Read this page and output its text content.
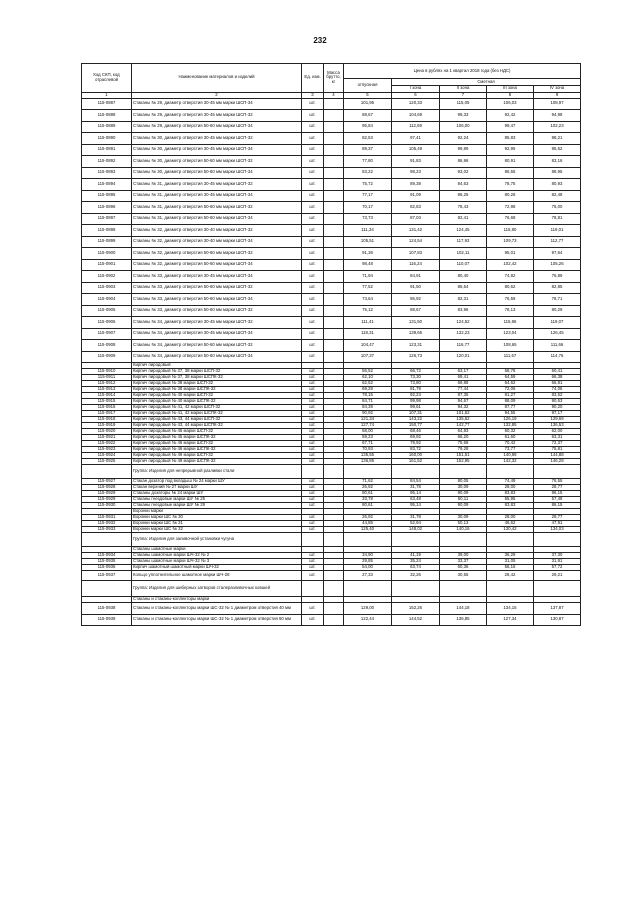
232
Код СКП, код отраслевой	Наименование материалов и изделий	Ед. изм.	Масса брутто, кг	Цена в рублях на 1 квартал 2018 года (без НДС)				
				отпускная	Сметная			
					I зона	II зона	III зона	IV зона
1	2	3	4	5	6	7	8	9
115-0887	Стаканы № 29, диаметр отверстия 30-45 мм марки ШСП-34	шт.		101,95	120,33	115,05	106,03	108,97
115-0888	Стаканы № 29, диаметр отверстия 30-45 мм марки ШСП-32	шт.		88,67	104,69	99,33	92,42	94,98
115-0889	Стаканы № 29, диаметр отверстия 50-60 мм марки ШСП-34	шт.		95,84	112,69	106,00	99,47	102,23
115-0890	Стаканы № 30, диаметр отверстия 30-45 мм марки ШСП-32	шт.		82,53	97,41	92,24	85,83	88,21
115-0891	Стаканы № 30, диаметр отверстия 30-45 мм марки ШСП-34	шт.		89,37	105,49	99,89	92,95	95,52
115-0892	Стаканы № 30, диаметр отверстия 50-60 мм марки ШСП-32	шт.		77,80	91,83	86,96	80,91	83,16
115-0893	Стаканы № 30, диаметр отверстия 50-60 мм марки ШСП-34	шт.		83,22	98,23	93,02	86,55	88,95
115-0894	Стаканы № 31, диаметр отверстия 30-45 мм марки ШСП-32	шт.		75,72	89,38	84,63	78,75	80,93
115-0895	Стаканы № 31, диаметр отверстия 30-45 мм марки ШСП-34	шт.		77,17	91,09	86,25	80,26	82,48
115-0896	Стаканы № 31, диаметр отверстия 50-60 мм марки ШСП-32	шт.		70,17	82,83	78,43	72,98	75,00
115-0897	Стаканы № 31, диаметр отверстия 50-60 мм марки ШСП-34	шт.		73,73	87,03	82,41	76,68	78,81
115-0898	Стаканы № 32, диаметр отверстия 30-40 мм марки ШСП-32	шт.		111,34	131,42	124,45	115,80	119,01
115-0899	Стаканы № 32, диаметр отверстия 30-40 мм марки ШСП-34	шт.		105,51	124,54	117,93	109,73	112,77
115-0900	Стаканы № 32, диаметр отверстия 50-60 мм марки ШСП-32	шт.		91,36	107,83	102,11	95,01	97,64
115-0901	Стаканы № 32, диаметр отверстия 50-60 мм марки ШСП-34	шт.		98,48	116,24	110,07	102,42	105,26
115-0902	Стаканы № 33, диаметр отверстия 30-45 мм марки ШСП-34	шт.		71,94	84,91	80,40	74,82	76,89
115-0903	Стаканы № 33, диаметр отверстия 50-60 мм марки ШСП-32	шт.		77,52	91,50	86,64	80,62	82,85
115-0904	Стаканы № 33, диаметр отверстия 50-60 мм марки ШСП-34	шт.		73,64	86,92	82,31	76,59	78,71
115-0905	Стаканы № 33, диаметр отверстия 50-60 мм марки ШСП-32	шт.		75,12	88,67	83,96	78,13	80,29
115-0906	Стаканы № 34, диаметр отверстия 30-45 мм марки ШСП-32	шт.		111,41	131,50	124,52	115,86	119,07
115-0907	Стаканы № 34, диаметр отверстия 30-45 мм марки ШСП-34	шт.		118,31	139,65	132,23	123,04	126,45
115-0908	Стаканы № 34, диаметр отверстия 50-60 мм марки ШСП-32	шт.		104,47	123,31	116,77	108,65	111,66
115-0909	Стаканы № 34, диаметр отверстия 50-60 мм марки ШСП-34	шт.		107,37	126,73	120,01	111,67	114,76
	Кирпич пиродовый							
115-0910	Кирпич пиродовый № 37, 38 марки ШСП-32	шт.		56,52	66,72	63,17	58,78	60,41
115-0911	Кирпич пиродовый № 37, 38 марки ШСПК-32	шт.		62,10	73,30	69,41	64,59	66,38
115-0912	Кирпич пиродовый № 38 марки ШСП-32	шт.		62,52	73,80	69,88	64,62	66,81
115-0913	Кирпич пиродовый № 38 марки ШСПК-32	шт.		69,29	81,79	77,44	72,06	74,06
115-0914	Кирпич пиродовый № 40 марки ШСП-32	шт.		78,15	92,24	87,35	81,27	83,52
115-0915	Кирпич пиродовый № 40 марки ШСПК-32	шт.		84,71	99,98	94,67	88,09	90,53
115-0916	Кирпич пиродовый № 41, 42 марки ШСП-32	шт.		84,39	99,61	94,32	87,77	90,20
115-0917	Кирпич пиродовый № 41, 42 марки ШСПК-32	шт.		90,92	107,31	101,62	94,55	97,17
115-0918	Кирпич пиродовый № 43, 44 марки ШСП-32	шт.		121,34	143,22	135,62	126,19	129,69
115-0919	Кирпич пиродовый № 43, 44 марки ШСПК-32	шт.		127,74	150,77	142,77	132,85	136,53
115-0920	Кирпич пиродовый № 45 марки ШСП-32	шт.		58,00	68,46	64,83	60,32	62,00
115-0921	Кирпич пиродовый № 45 марки ШСПК-32	шт.		59,23	69,92	66,20	61,60	63,31
115-0922	Кирпич пиродовый № 46 марки ШСП-32	шт.		67,71	79,92	75,68	70,42	72,37
115-0923	Кирпич пиродовый № 46 марки ШСПК-32	шт.		70,93	83,72	79,28	73,77	75,81
115-0924	Кирпич пиродовый № 49 марки ШСП-32	шт.		135,55	160,00	151,51	140,98	144,88
115-0925	Кирпич пиродовый № 49 марки ШСПК-32	шт.		136,85	161,52	152,95	142,32	146,28
	Группа: Изделия для непрерывной разливки стали							
115-0927	Стакан дозатор под вкладыш № 24 марки ШУ	шт.		71,62	84,54	80,05	74,49	76,55
115-0928	Стакан верхний № 27 марки ШУ	шт.		26,92	31,78	30,09	28,00	28,77
115-0929	Стаканы дозаторы № 24 марки ШУ	шт.		80,61	95,14	90,09	83,83	86,15
115-0929	Стаканы гнездовые марки ШУ № 25	шт.		33,78	63,48	60,11	55,95	57,48
115-0930	Стаканы гнездовые марки ШУ № 29	шт.		80,61	95,14	90,09	83,83	86,15
	Воронки марки							
115-0931	Воронки марки ШС № 30	шт.		26,92	31,78	30,09	28,00	28,77
115-0932	Воронки марки ШС № 31	шт.		44,85	52,94	50,13	46,62	47,91
115-0933	Воронки марки ШС № 32	шт.		125,40	148,02	140,16	130,42	134,03
	Группа: Изделия для заливочной установки чугуна							
	Стаканы шамотные марки							
115-0934	Стаканы шамотные марки ШЧ-32 № 2	шт.		34,90	41,19	39,00	36,29	37,30
115-0935	Стаканы шамотные марки ШЧ-32 № 3	шт.		29,85	35,24	33,37	31,05	31,91
115-0936	Кирпич шамотный шамотный марки ШЧ-32	шт.		54,00	63,74	60,36	56,16	57,72
115-0937	Кольцо уплотнительное шамотное марки ШЧ-28	шт.		27,33	32,26	30,55	28,42	29,21
	Группа: Изделия для шиберных затворов сталеразливочных ковшей							
	Стаканы и стаканы-коллекторы марки							
115-0938	Стаканы и стаканы-коллекторы марки ШС-32 № 1 диаметром отверстия 40 мм	шт.		129,00	152,26	144,18	134,15	137,87
115-0939	Стаканы и стаканы-коллекторы марки ШС-32 № 1 диаметром отверстия 60 мм	шт.		122,44	144,52	136,85	127,34	130,87
